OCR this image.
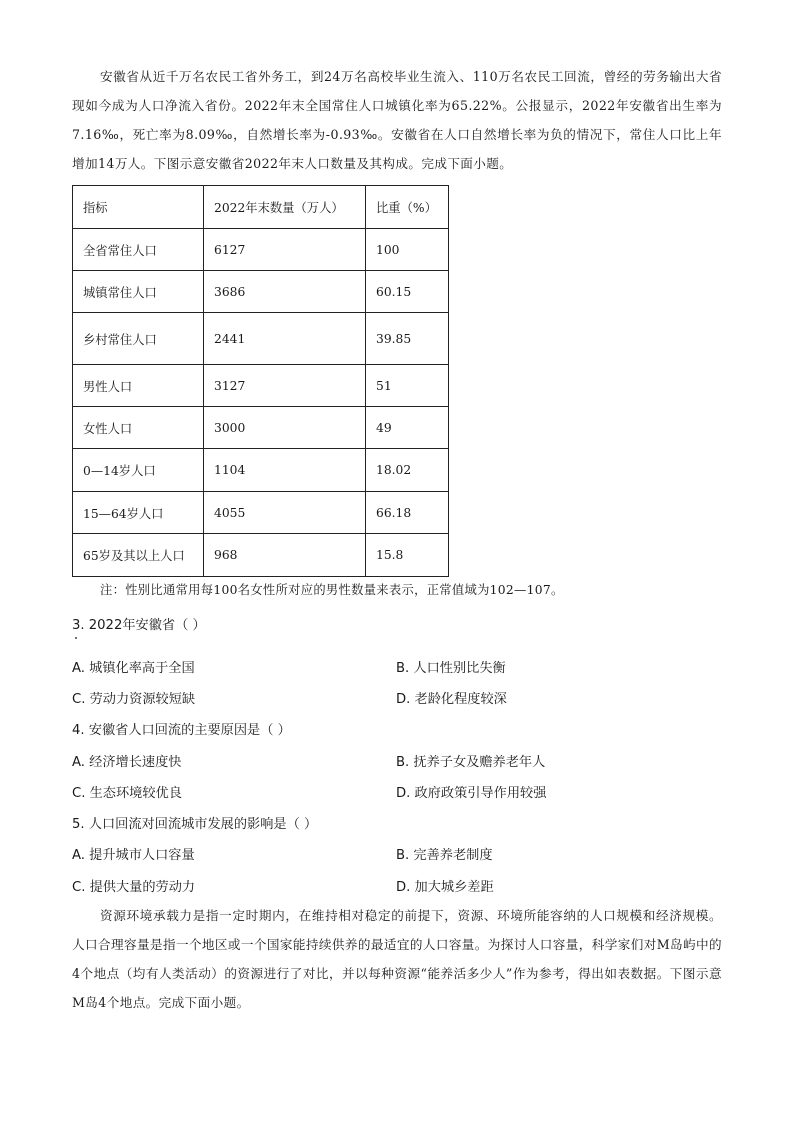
安徽省从近千万名农民工省外务工，到24万名高校毕业生流入、110万名农民工回流，曾经的劳务输出大省现如今成为人口净流入省份。2022年末全国常住人口城镇化率为65.22%。公报显示，2022年安徽省出生率为7.16‰，死亡率为8.09‰，自然增长率为-0.93‰。安徽省在人口自然增长率为负的情况下，常住人口比上年增加14万人。下图示意安徽省2022年末人口数量及其构成。完成下面小题。
指标	2022年末数量（万人）	比重（%）
全省常住人口	6127	100
城镇常住人口	3686	60.15
乡村常住人口	2441	39.85
男性人口	3127	51
女性人口	3000	49
0—14岁人口	1104	18.02
15—64岁人口	4055	66.18
65岁及其以上人口	968	15.8
注：性别比通常用每100名女性所对应的男性数量来表示，正常值域为102—107。
3. 2022年安徽省（ ）
A. 城镇化率高于全国	B. 人口性别比失衡
C. 劳动力资源较短缺	D. 老龄化程度较深
4. 安徽省人口回流的主要原因是（ ）
A. 经济增长速度快	B. 抚养子女及赡养老年人
C. 生态环境较优良	D. 政府政策引导作用较强
5. 人口回流对回流城市发展的影响是（ ）
A. 提升城市人口容量	B. 完善养老制度
C. 提供大量的劳动力	D. 加大城乡差距
资源环境承载力是指一定时期内，在维持相对稳定的前提下，资源、环境所能容纳的人口规模和经济规模。人口合理容量是指一个地区或一个国家能持续供养的最适宜的人口容量。为探讨人口容量，科学家们对M岛屿中的4个地点（均有人类活动）的资源进行了对比，并以每种资源“能养活多少人”作为参考，得出如表数据。下图示意M岛4个地点。完成下面小题。
